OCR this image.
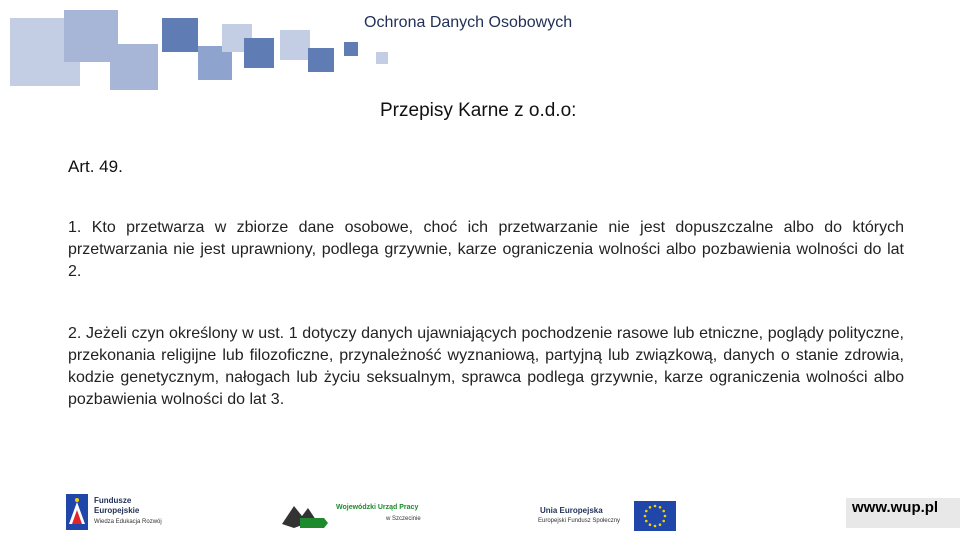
Ochrona Danych Osobowych
Przepisy Karne z o.d.o:
Art. 49.
1. Kto przetwarza w zbiorze dane osobowe, choć ich przetwarzanie nie jest dopuszczalne albo do których przetwarzania nie jest uprawniony, podlega grzywnie, karze ograniczenia wolności albo pozbawienia wolności do lat 2.
2. Jeżeli czyn określony w ust. 1 dotyczy danych ujawniających pochodzenie rasowe lub etniczne, poglądy polityczne, przekonania religijne lub filozoficzne, przynależność wyznaniową, partyjną lub związkową, danych o stanie zdrowia, kodzie genetycznym, nałogach lub życiu seksualnym, sprawca podlega grzywnie, karze ograniczenia wolności albo pozbawienia wolności do lat 3.
Fundusze
Europejskie
Wiedza Edukacja Rozwój
Wojewódzki Urząd Pracy
w Szczecinie
Unia Europejska
Europejski Fundusz Społeczny
www.wup.pl
